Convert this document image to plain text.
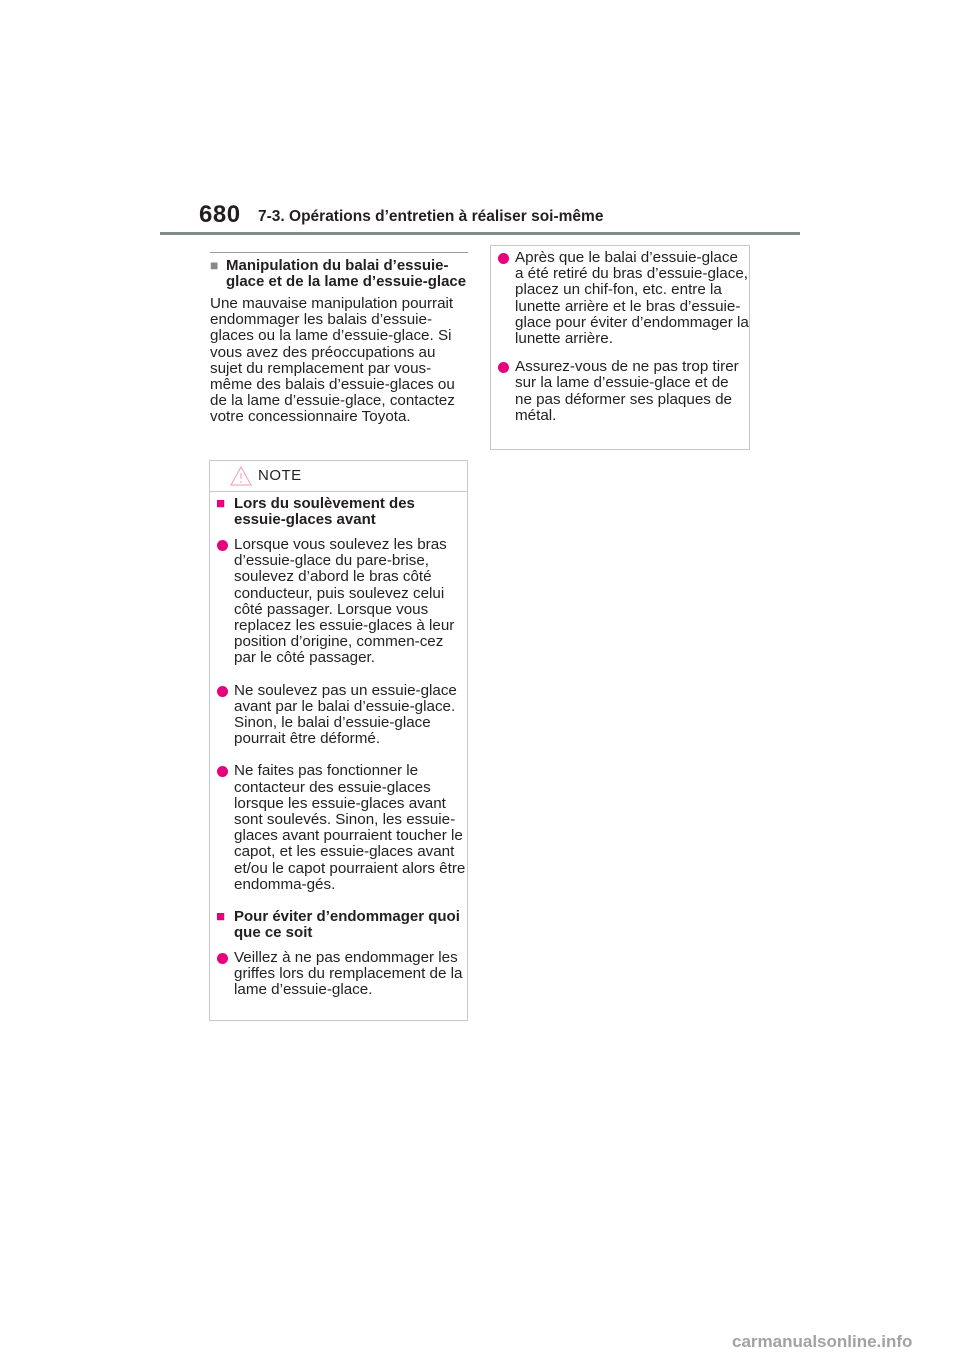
680 7-3. Opérations d’entretien à réaliser soi-même
■ Manipulation du balai d’essuie-glace et de la lame d’essuie-glace
Une mauvaise manipulation pourrait endommager les balais d’essuie-glaces ou la lame d’essuie-glace. Si vous avez des préoccupations au sujet du remplacement par vous-même des balais d’essuie-glaces ou de la lame d’essuie-glace, contactez votre concessionnaire Toyota.
NOTE
■ Lors du soulèvement des essuie-glaces avant
Lorsque vous soulevez les bras d’essuie-glace du pare-brise, soulevez d’abord le bras côté conducteur, puis soulevez celui côté passager. Lorsque vous replacez les essuie-glaces à leur position d’origine, commen-cez par le côté passager.
Ne soulevez pas un essuie-glace avant par le balai d’essuie-glace. Sinon, le balai d’essuie-glace pourrait être déformé.
Ne faites pas fonctionner le contacteur des essuie-glaces lorsque les essuie-glaces avant sont soulevés. Sinon, les essuie-glaces avant pourraient toucher le capot, et les essuie-glaces avant et/ou le capot pourraient alors être endomma-gés.
■ Pour éviter d’endommager quoi que ce soit
Veillez à ne pas endommager les griffes lors du remplacement de la lame d’essuie-glace.
Après que le balai d’essuie-glace a été retiré du bras d’essuie-glace, placez un chif-fon, etc. entre la lunette arrière et le bras d’essuie-glace pour éviter d’endommager la lunette arrière.
Assurez-vous de ne pas trop tirer sur la lame d’essuie-glace et de ne pas déformer ses plaques de métal.
carmanualsonline.info
